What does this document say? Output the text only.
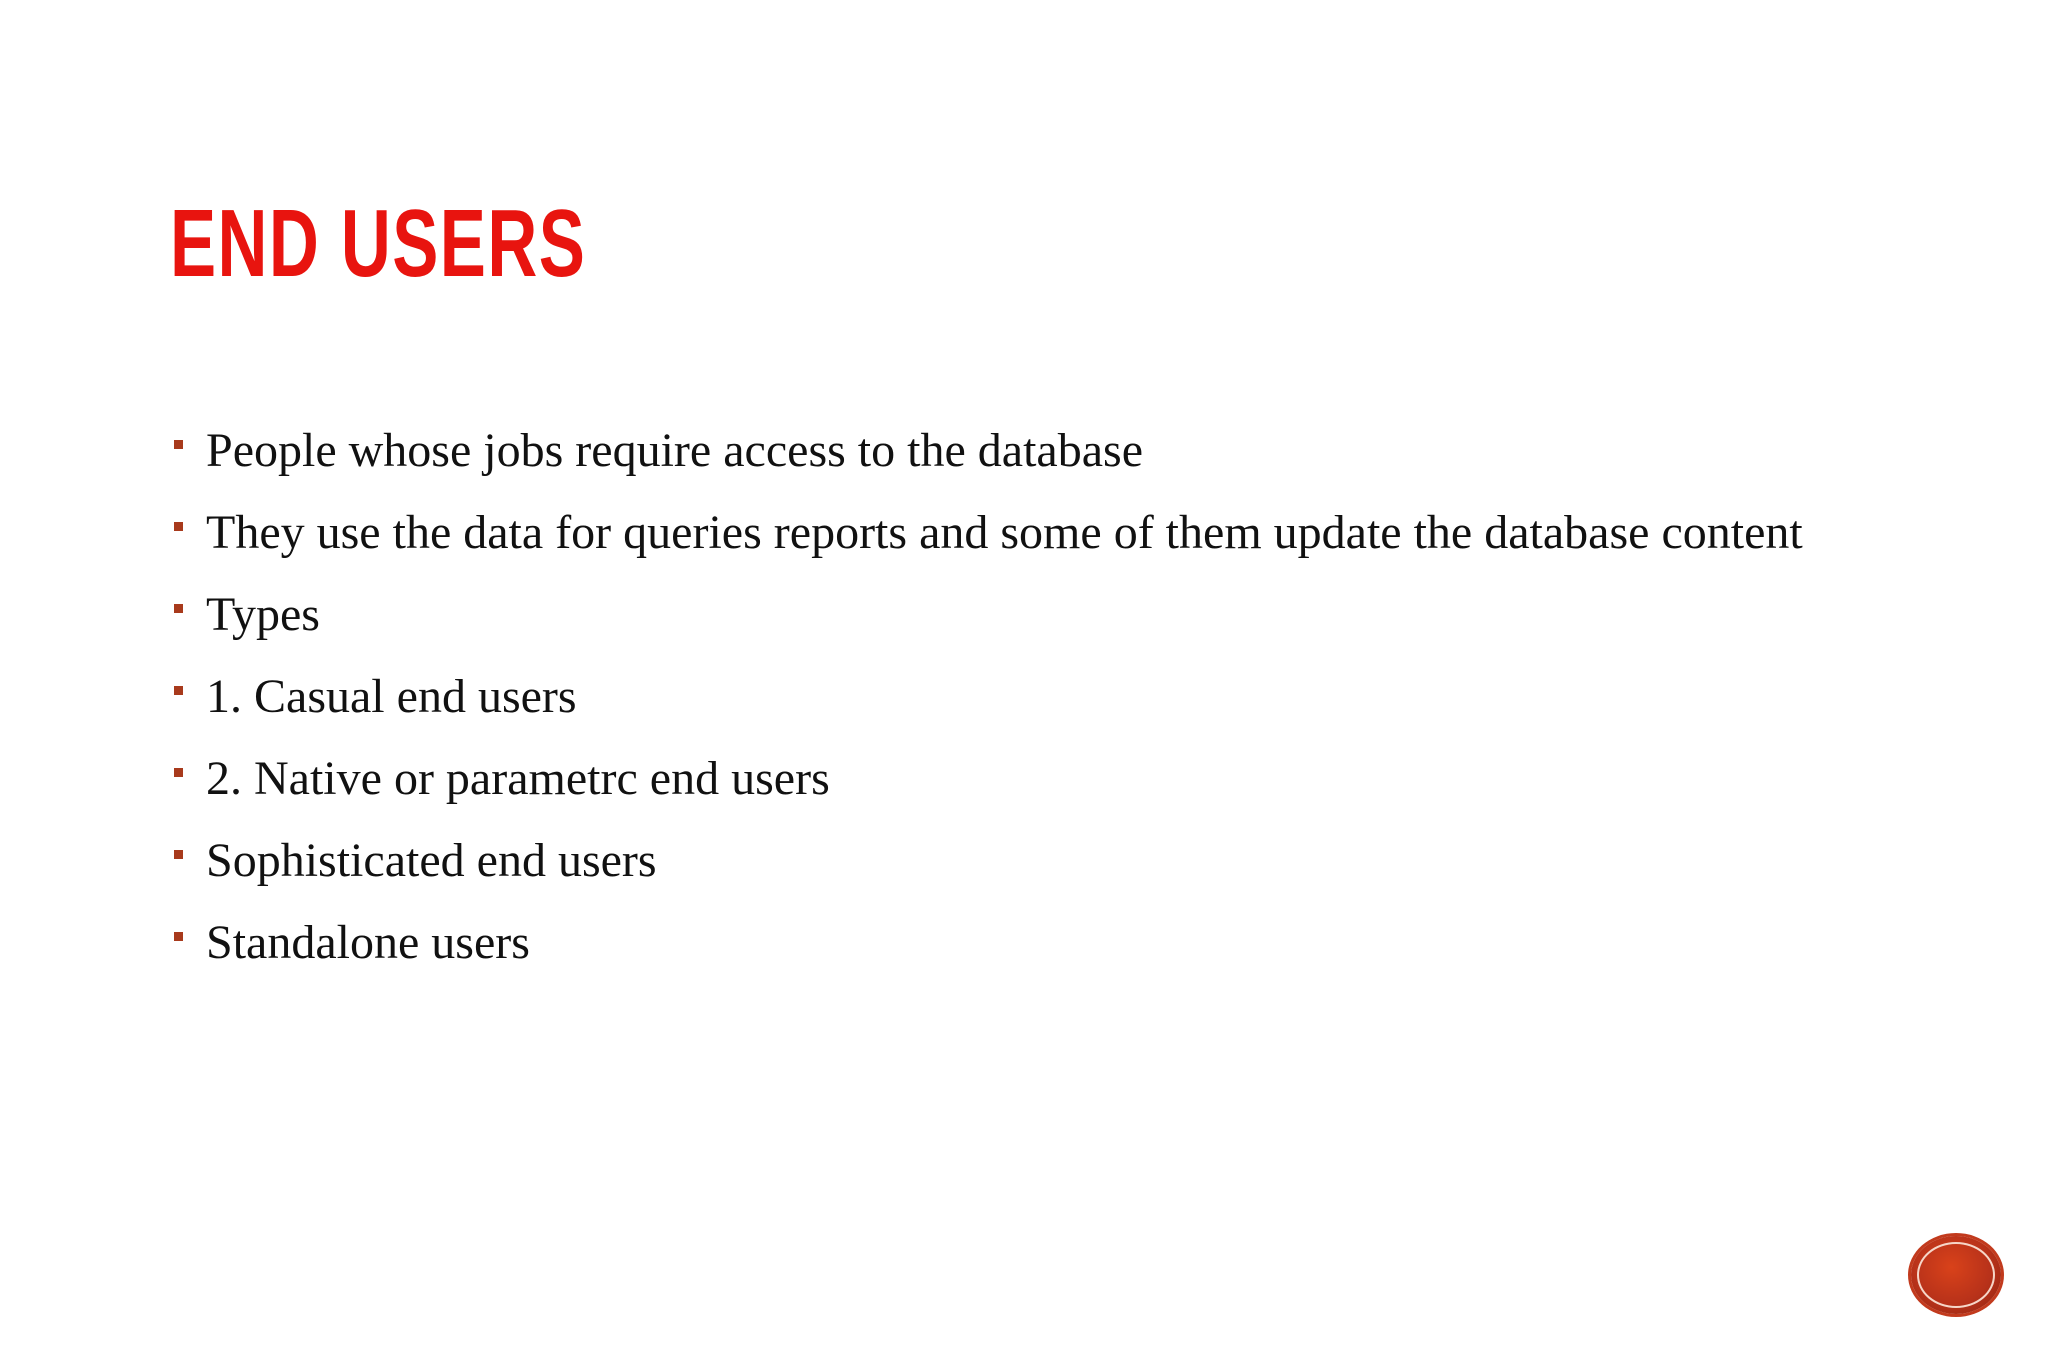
END USERS
People whose jobs require access to the database
They use the data for queries reports and some of them update the database content
Types
1. Casual end users
2. Native or parametrc end users
Sophisticated end users
Standalone users
